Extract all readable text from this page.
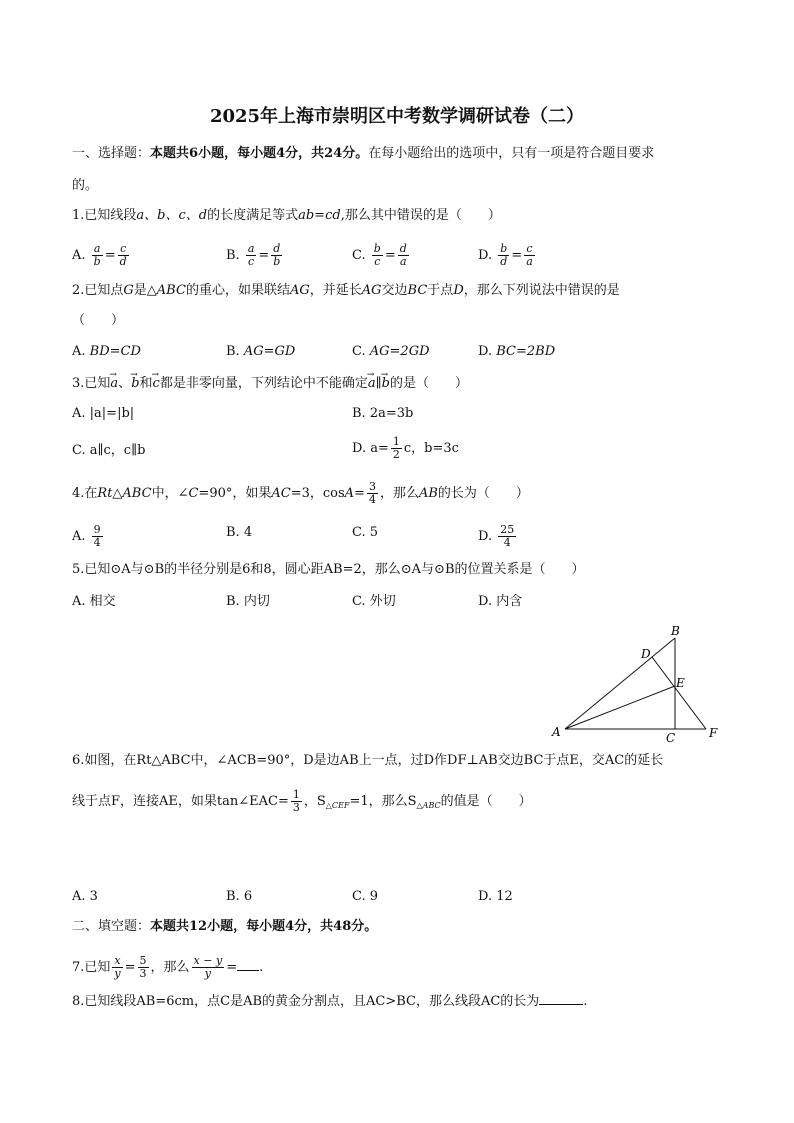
2025年上海市崇明区中考数学调研试卷（二）
一、选择题：本题共6小题，每小题4分，共24分。在每小题给出的选项中，只有一项是符合题目要求
的。
1.已知线段a、b、c、d的长度满足等式ab=cd,那么其中错误的是（　　）
A. $\frac{a}{b} = \frac{c}{d}$	B. $\frac{a}{c} = \frac{d}{b}$	C. $\frac{b}{c} = \frac{d}{a}$	D. $\frac{b}{d} = \frac{c}{a}$
2.已知点G是△ABC的重心，如果联结AG，并延长AG交边BC于点D，那么下列说法中错误的是
（　　）
A. BD=CD	B. AG=GD	C. AG=2GD	D. BC=2BD
3.已知→ a、→ b和→ c都是非零向量，下列结论中不能确定→ a∥→ b的是（　　）
A. |a|=|b|	B. 2a=3b
C. a∥c，c∥b	D. $a= \frac{1}{2}$ c，b=3c
4.在Rt△ABC中，∠C=90°，如果AC=3，$\cos A= \frac{3}{4}$ ，那么AB的长为（　　）
A. $\frac{9}{4}$	B. 4	C. 5	D. $\frac{25}{4}$
5.已知⊙A与⊙B的半径分别是6和8，圆心距AB=2，那么⊙A与⊙B的位置关系是（　　）
A. 相交	B. 内切	C. 外切	D. 内含
A
B
C
D
E
F
6.如图，在Rt△ABC中，∠ACB=90°，D是边AB上一点，过D作DF⊥AB交边BC于点E，交AC的延长
线于点F，连接AE，如果tan∠EAC= $\frac{1}{3}$ ，$S_{\triangle CEF}=1$，那么$S_{\triangle ABC}$的值是（　　）
A. 3	B. 6	C. 9	D. 12
二、填空题：本题共12小题，每小题4分，共48分。
7.已知 $\frac{x}{y} = \frac{5}{3}$ ，那么 $\frac{x - y}{y}$ = .
8.已知线段AB=6cm，点C是AB的黄金分割点，且AC>BC，那么线段AC的长为	.
